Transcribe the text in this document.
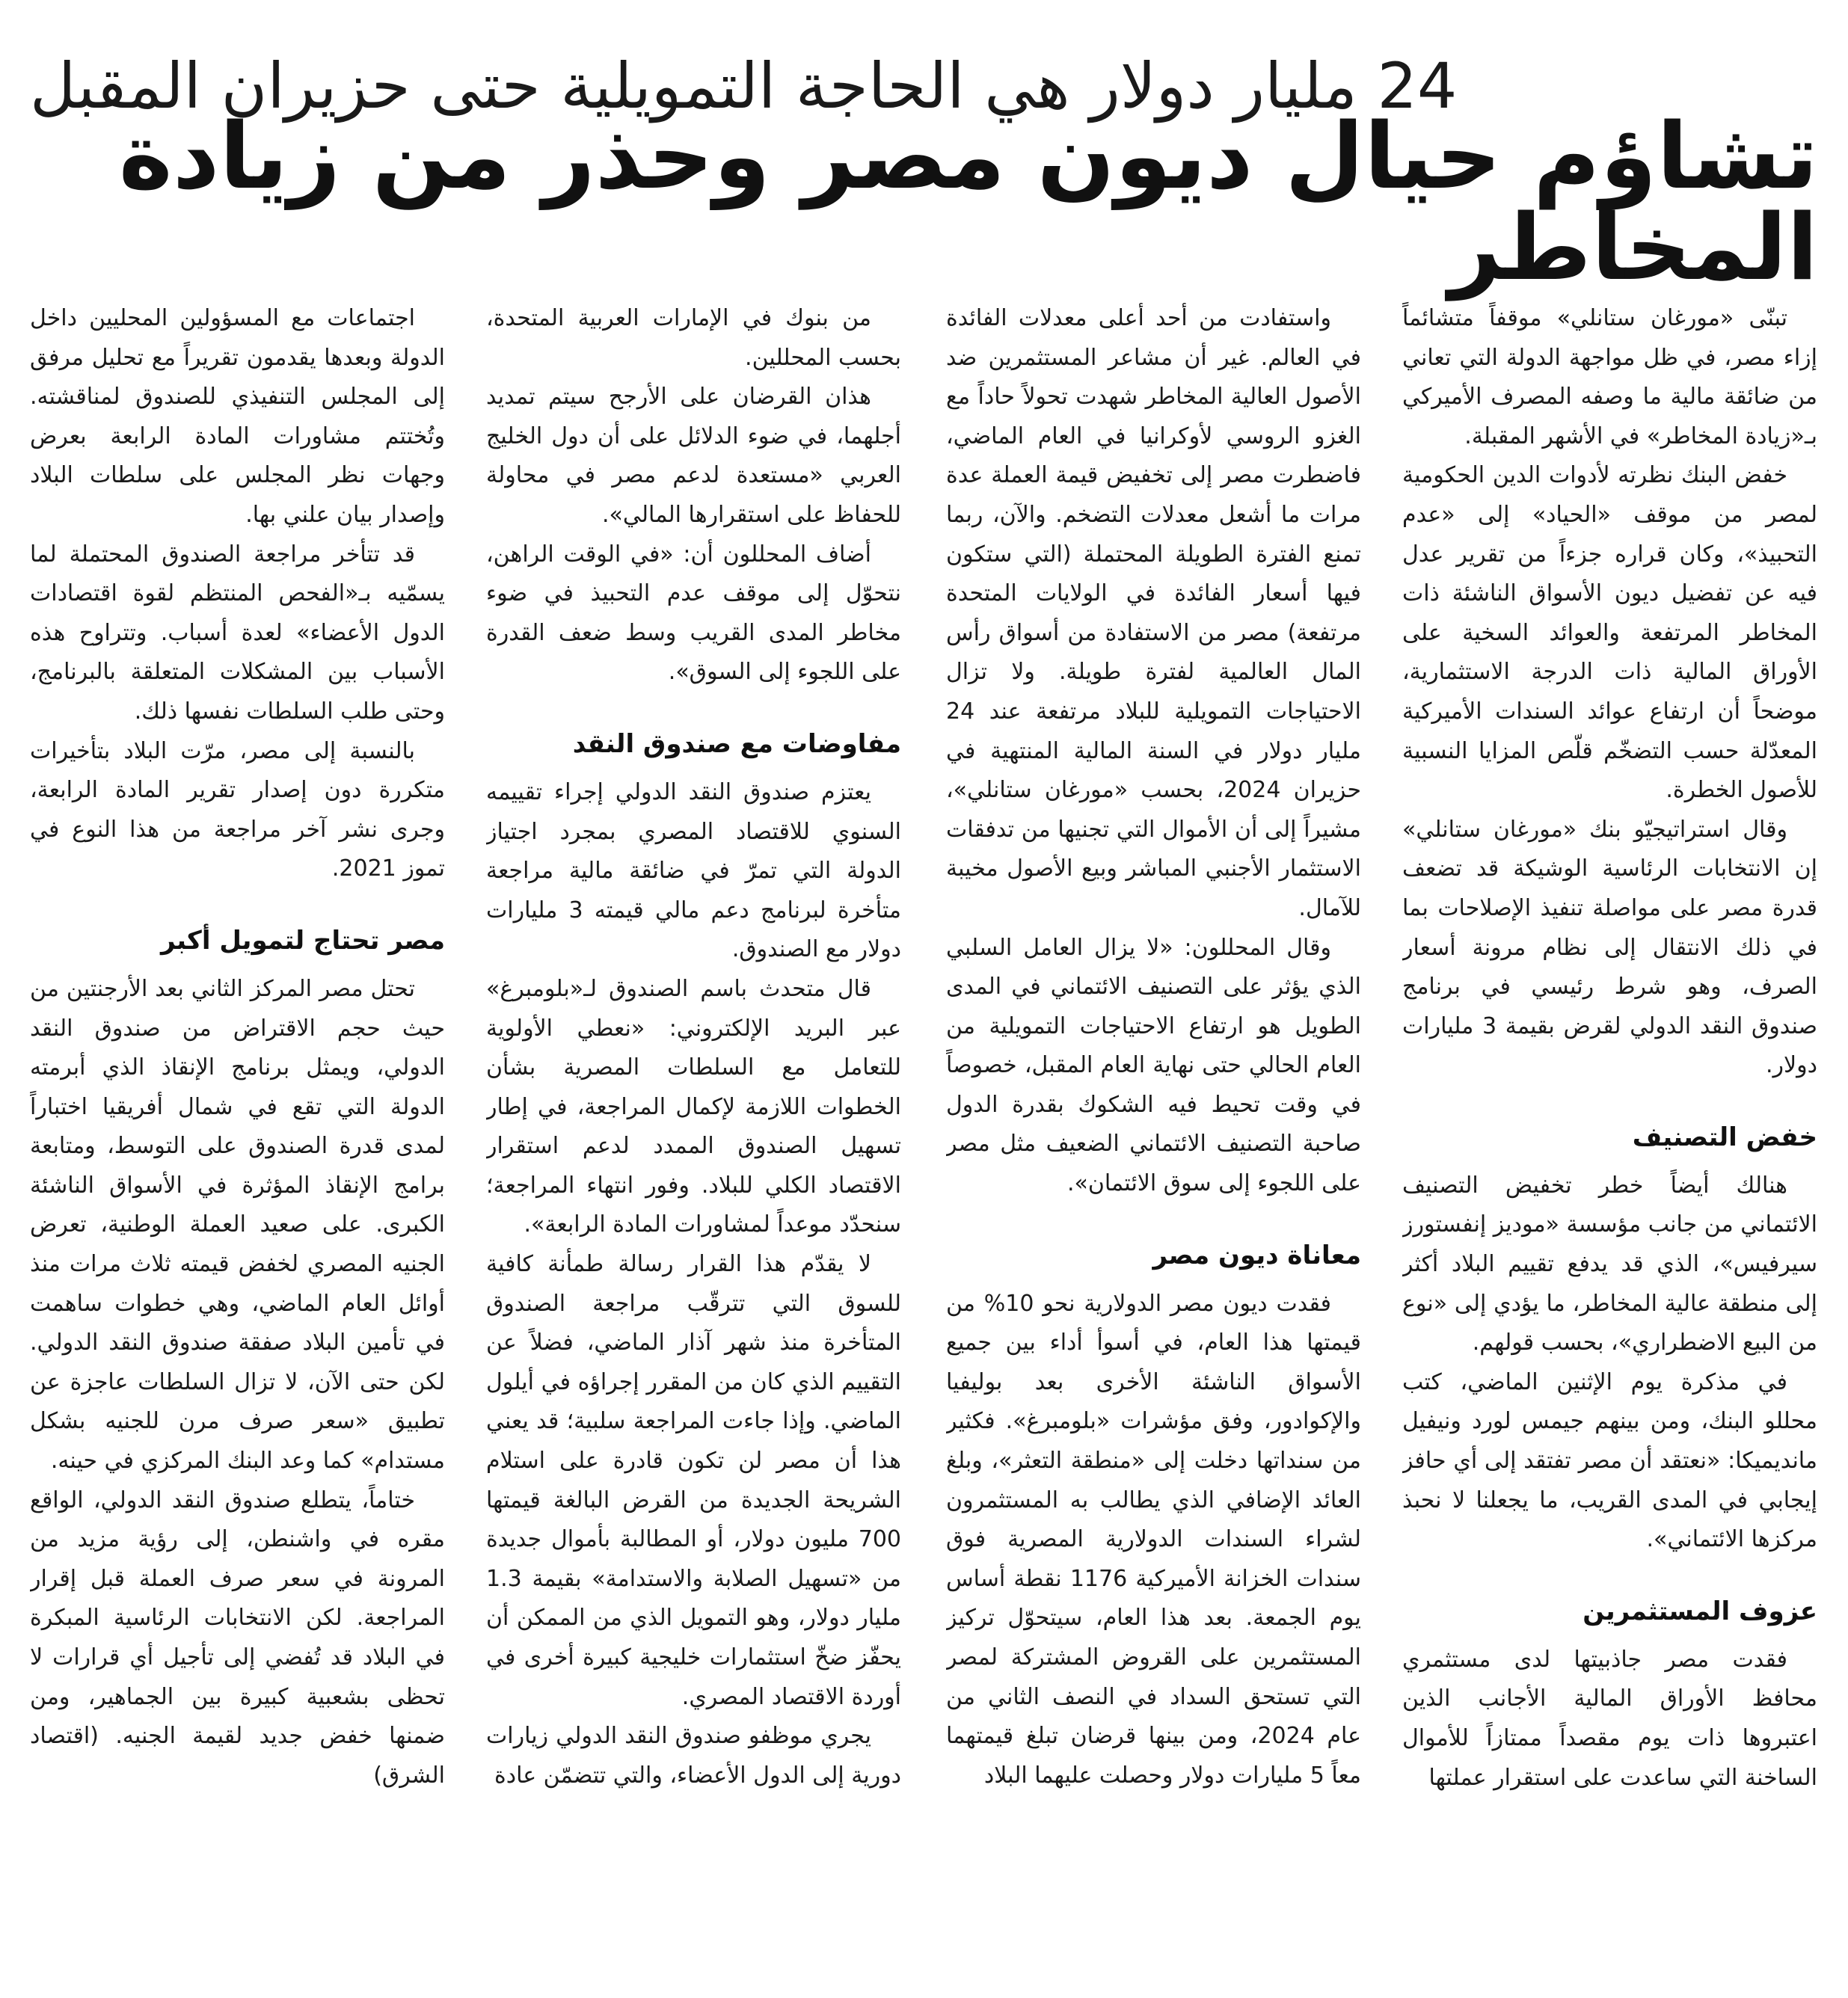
24 مليار دولار هي الحاجة التمويلية حتى حزيران المقبل
تشاؤم حيال ديون مصر وحذر من زيادة المخاطر

تبنّى «مورغان ستانلي» موقفاً متشائماً إزاء مصر، في ظل مواجهة الدولة التي تعاني من ضائقة مالية ما وصفه المصرف الأميركي بـ«زيادة المخاطر» في الأشهر المقبلة.

خفض البنك نظرته لأدوات الدين الحكومية لمصر من موقف «الحياد» إلى «عدم التحبيذ»، وكان قراره جزءاً من تقرير عدل فيه عن تفضيل ديون الأسواق الناشئة ذات المخاطر المرتفعة والعوائد السخية على الأوراق المالية ذات الدرجة الاستثمارية، موضحاً أن ارتفاع عوائد السندات الأميركية المعدّلة حسب التضخّم قلّص المزايا النسبية للأصول الخطرة.

وقال استراتيجيّو بنك «مورغان ستانلي» إن الانتخابات الرئاسية الوشيكة قد تضعف قدرة مصر على مواصلة تنفيذ الإصلاحات بما في ذلك الانتقال إلى نظام مرونة أسعار الصرف، وهو شرط رئيسي في برنامج صندوق النقد الدولي لقرض بقيمة 3 مليارات دولار.

خفض التصنيف

هنالك أيضاً خطر تخفيض التصنيف الائتماني من جانب مؤسسة «موديز إنفستورز سيرفيس»، الذي قد يدفع تقييم البلاد أكثر إلى منطقة عالية المخاطر، ما يؤدي إلى «نوع من البيع الاضطراري»، بحسب قولهم.

في مذكرة يوم الإثنين الماضي، كتب محللو البنك، ومن بينهم جيمس لورد ونيفيل مانديميكا: «نعتقد أن مصر تفتقد إلى أي حافز إيجابي في المدى القريب، ما يجعلنا لا نحبذ مركزها الائتماني».

عزوف المستثمرين

فقدت مصر جاذبيتها لدى مستثمري محافظ الأوراق المالية الأجانب الذين اعتبروها ذات يوم مقصداً ممتازاً للأموال الساخنة التي ساعدت على استقرار عملتها

واستفادت من أحد أعلى معدلات الفائدة في العالم. غير أن مشاعر المستثمرين ضد الأصول العالية المخاطر شهدت تحولاً حاداً مع الغزو الروسي لأوكرانيا في العام الماضي، فاضطرت مصر إلى تخفيض قيمة العملة عدة مرات ما أشعل معدلات التضخم. والآن، ربما تمنع الفترة الطويلة المحتملة (التي ستكون فيها أسعار الفائدة في الولايات المتحدة مرتفعة) مصر من الاستفادة من أسواق رأس المال العالمية لفترة طويلة. ولا تزال الاحتياجات التمويلية للبلاد مرتفعة عند 24 مليار دولار في السنة المالية المنتهية في حزيران 2024، بحسب «مورغان ستانلي»، مشيراً إلى أن الأموال التي تجنيها من تدفقات الاستثمار الأجنبي المباشر وبيع الأصول مخيبة للآمال.

وقال المحللون: «لا يزال العامل السلبي الذي يؤثر على التصنيف الائتماني في المدى الطويل هو ارتفاع الاحتياجات التمويلية من العام الحالي حتى نهاية العام المقبل، خصوصاً في وقت تحيط فيه الشكوك بقدرة الدول صاحبة التصنيف الائتماني الضعيف مثل مصر على اللجوء إلى سوق الائتمان».

معاناة ديون مصر

فقدت ديون مصر الدولارية نحو 10% من قيمتها هذا العام، في أسوأ أداء بين جميع الأسواق الناشئة الأخرى بعد بوليفيا والإكوادور، وفق مؤشرات «بلومبرغ». فكثير من سنداتها دخلت إلى «منطقة التعثر»، وبلغ العائد الإضافي الذي يطالب به المستثمرون لشراء السندات الدولارية المصرية فوق سندات الخزانة الأميركية 1176 نقطة أساس يوم الجمعة. بعد هذا العام، سيتحوّل تركيز المستثمرين على القروض المشتركة لمصر التي تستحق السداد في النصف الثاني من عام 2024، ومن بينها قرضان تبلغ قيمتهما معاً 5 مليارات دولار وحصلت عليهما البلاد

من بنوك في الإمارات العربية المتحدة، بحسب المحللين.

هذان القرضان على الأرجح سيتم تمديد أجلهما، في ضوء الدلائل على أن دول الخليج العربي «مستعدة لدعم مصر في محاولة للحفاظ على استقرارها المالي».

أضاف المحللون أن: «في الوقت الراهن، نتحوّل إلى موقف عدم التحبيذ في ضوء مخاطر المدى القريب وسط ضعف القدرة على اللجوء إلى السوق».

مفاوضات مع صندوق النقد

يعتزم صندوق النقد الدولي إجراء تقييمه السنوي للاقتصاد المصري بمجرد اجتياز الدولة التي تمرّ في ضائقة مالية مراجعة متأخرة لبرنامج دعم مالي قيمته 3 مليارات دولار مع الصندوق.

قال متحدث باسم الصندوق لـ«بلومبرغ» عبر البريد الإلكتروني: «نعطي الأولوية للتعامل مع السلطات المصرية بشأن الخطوات اللازمة لإكمال المراجعة، في إطار تسهيل الصندوق الممدد لدعم استقرار الاقتصاد الكلي للبلاد. وفور انتهاء المراجعة؛ سنحدّد موعداً لمشاورات المادة الرابعة».

لا يقدّم هذا القرار رسالة طمأنة كافية للسوق التي تترقّب مراجعة الصندوق المتأخرة منذ شهر آذار الماضي، فضلاً عن التقييم الذي كان من المقرر إجراؤه في أيلول الماضي. وإذا جاءت المراجعة سلبية؛ قد يعني هذا أن مصر لن تكون قادرة على استلام الشريحة الجديدة من القرض البالغة قيمتها 700 مليون دولار، أو المطالبة بأموال جديدة من «تسهيل الصلابة والاستدامة» بقيمة 1.3 مليار دولار، وهو التمويل الذي من الممكن أن يحفّز ضخّ استثمارات خليجية كبيرة أخرى في أوردة الاقتصاد المصري.

يجري موظفو صندوق النقد الدولي زيارات دورية إلى الدول الأعضاء، والتي تتضمّن عادة

اجتماعات مع المسؤولين المحليين داخل الدولة وبعدها يقدمون تقريراً مع تحليل مرفق إلى المجلس التنفيذي للصندوق لمناقشته. وتُختتم مشاورات المادة الرابعة بعرض وجهات نظر المجلس على سلطات البلاد وإصدار بيان علني بها.

قد تتأخر مراجعة الصندوق المحتملة لما يسمّيه بـ«الفحص المنتظم لقوة اقتصادات الدول الأعضاء» لعدة أسباب. وتتراوح هذه الأسباب بين المشكلات المتعلقة بالبرنامج، وحتى طلب السلطات نفسها ذلك.

بالنسبة إلى مصر، مرّت البلاد بتأخيرات متكررة دون إصدار تقرير المادة الرابعة، وجرى نشر آخر مراجعة من هذا النوع في تموز 2021.

مصر تحتاج لتمويل أكبر

تحتل مصر المركز الثاني بعد الأرجنتين من حيث حجم الاقتراض من صندوق النقد الدولي، ويمثل برنامج الإنقاذ الذي أبرمته الدولة التي تقع في شمال أفريقيا اختباراً لمدى قدرة الصندوق على التوسط، ومتابعة برامج الإنقاذ المؤثرة في الأسواق الناشئة الكبرى. على صعيد العملة الوطنية، تعرض الجنيه المصري لخفض قيمته ثلاث مرات منذ أوائل العام الماضي، وهي خطوات ساهمت في تأمين البلاد صفقة صندوق النقد الدولي. لكن حتى الآن، لا تزال السلطات عاجزة عن تطبيق «سعر صرف مرن للجنيه بشكل مستدام» كما وعد البنك المركزي في حينه.

ختاماً، يتطلع صندوق النقد الدولي، الواقع مقره في واشنطن، إلى رؤية مزيد من المرونة في سعر صرف العملة قبل إقرار المراجعة. لكن الانتخابات الرئاسية المبكرة في البلاد قد تُفضي إلى تأجيل أي قرارات لا تحظى بشعبية كبيرة بين الجماهير، ومن ضمنها خفض جديد لقيمة الجنيه. (اقتصاد الشرق)
